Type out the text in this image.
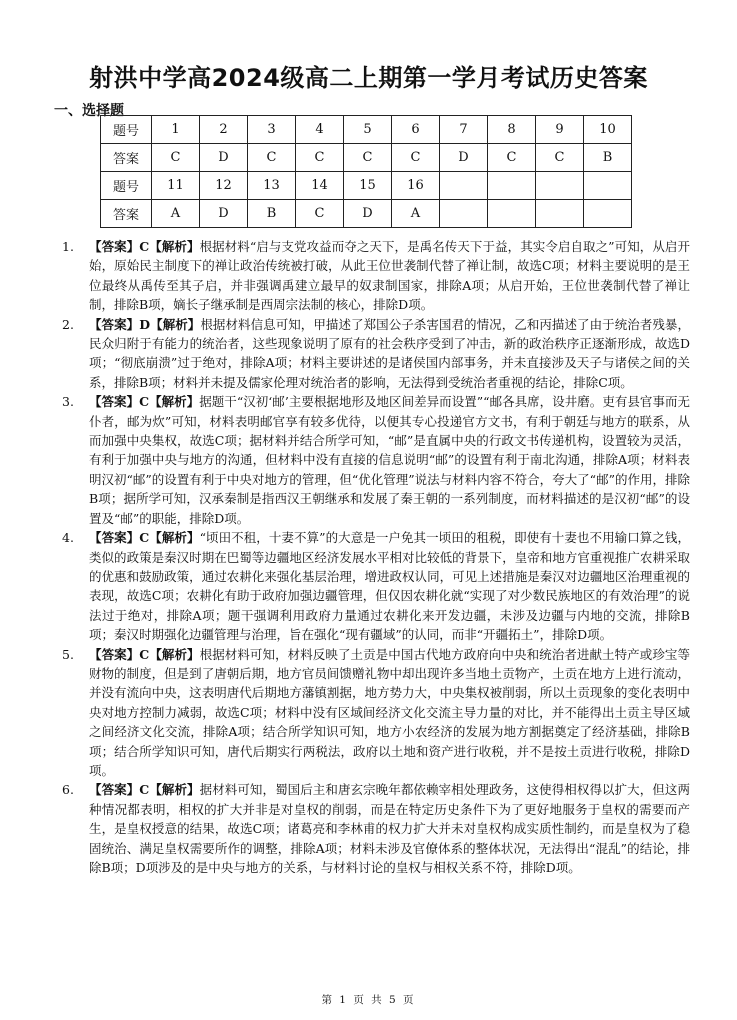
射洪中学高2024级高二上期第一学月考试历史答案
一、选择题
题号	1	2	3	4	5	6	7	8	9	10
答案	C	D	C	C	C	C	D	C	C	B
题号	11	12	13	14	15	16				
答案	A	D	B	C	D	A				

1. 【答案】C【解析】根据材料“启与支党攻益而夺之天下，是禹名传天下于益，其实令启自取之”可知，从启开始，原始民主制度下的禅让政治传统被打破，从此王位世袭制代替了禅让制，故选C项；材料主要说明的是王位最终从禹传至其子启，并非强调禹建立最早的奴隶制国家，排除A项；从启开始，王位世袭制代替了禅让制，排除B项，嫡长子继承制是西周宗法制的核心，排除D项。

2. 【答案】D【解析】根据材料信息可知，甲描述了郑国公子杀害国君的情况，乙和丙描述了由于统治者残暴，民众归附于有能力的统治者，这些现象说明了原有的社会秩序受到了冲击，新的政治秩序正逐渐形成，故选D项；“彻底崩溃”过于绝对，排除A项；材料主要讲述的是诸侯国内部事务，并未直接涉及天子与诸侯之间的关系，排除B项；材料并未提及儒家伦理对统治者的影响，无法得到受统治者重视的结论，排除C项。

3. 【答案】C【解析】据题干“汉初‘邮’主要根据地形及地区间差异而设置”“邮各具席，设井磨。吏有县官事而无仆者，邮为炊”可知，材料表明邮官享有较多优待，以便其专心投递官方文书，有利于朝廷与地方的联系，从而加强中央集权，故选C项；据材料并结合所学可知，“邮”是直属中央的行政文书传递机构，设置较为灵活，有利于加强中央与地方的沟通，但材料中没有直接的信息说明“邮”的设置有利于南北沟通，排除A项；材料表明汉初“邮”的设置有利于中央对地方的管理，但“优化管理”说法与材料内容不符合，夸大了“邮”的作用，排除B项；据所学可知，汉承秦制是指西汉王朝继承和发展了秦王朝的一系列制度，而材料描述的是汉初“邮”的设置及“邮”的职能，排除D项。

4. 【答案】C【解析】“顷田不租，十妻不算”的大意是一户免其一顷田的租税，即使有十妻也不用输口算之钱，类似的政策是秦汉时期在巴蜀等边疆地区经济发展水平相对比较低的背景下，皇帝和地方官重视推广农耕采取的优惠和鼓励政策，通过农耕化来强化基层治理，增进政权认同，可见上述措施是秦汉对边疆地区治理重视的表现，故选C项；农耕化有助于政府加强边疆管理，但仅因农耕化就“实现了对少数民族地区的有效治理”的说法过于绝对，排除A项；题干强调利用政府力量通过农耕化来开发边疆，未涉及边疆与内地的交流，排除B项；秦汉时期强化边疆管理与治理，旨在强化“现有疆域”的认同，而非“开疆拓土”，排除D项。

5. 【答案】C【解析】根据材料可知，材料反映了土贡是中国古代地方政府向中央和统治者进献土特产或珍宝等财物的制度，但是到了唐朝后期，地方官员间馈赠礼物中却出现许多当地土贡物产，土贡在地方上进行流动，并没有流向中央，这表明唐代后期地方藩镇割据，地方势力大，中央集权被削弱，所以土贡现象的变化表明中央对地方控制力减弱，故选C项；材料中没有区域间经济文化交流主导力量的对比，并不能得出土贡主导区域之间经济文化交流，排除A项；结合所学知识可知，地方小农经济的发展为地方割据奠定了经济基础，排除B项；结合所学知识可知，唐代后期实行两税法，政府以土地和资产进行收税，并不是按土贡进行收税，排除D项。

6. 【答案】C【解析】据材料可知，蜀国后主和唐玄宗晚年都依赖宰相处理政务，这使得相权得以扩大，但这两种情况都表明，相权的扩大并非是对皇权的削弱，而是在特定历史条件下为了更好地服务于皇权的需要而产生，是皇权授意的结果，故选C项；诸葛亮和李林甫的权力扩大并未对皇权构成实质性制约，而是皇权为了稳固统治、满足皇权需要所作的调整，排除A项；材料未涉及官僚体系的整体状况，无法得出“混乱”的结论，排除B项；D项涉及的是中央与地方的关系，与材料讨论的皇权与相权关系不符，排除D项。

第 1 页 共 5 页
